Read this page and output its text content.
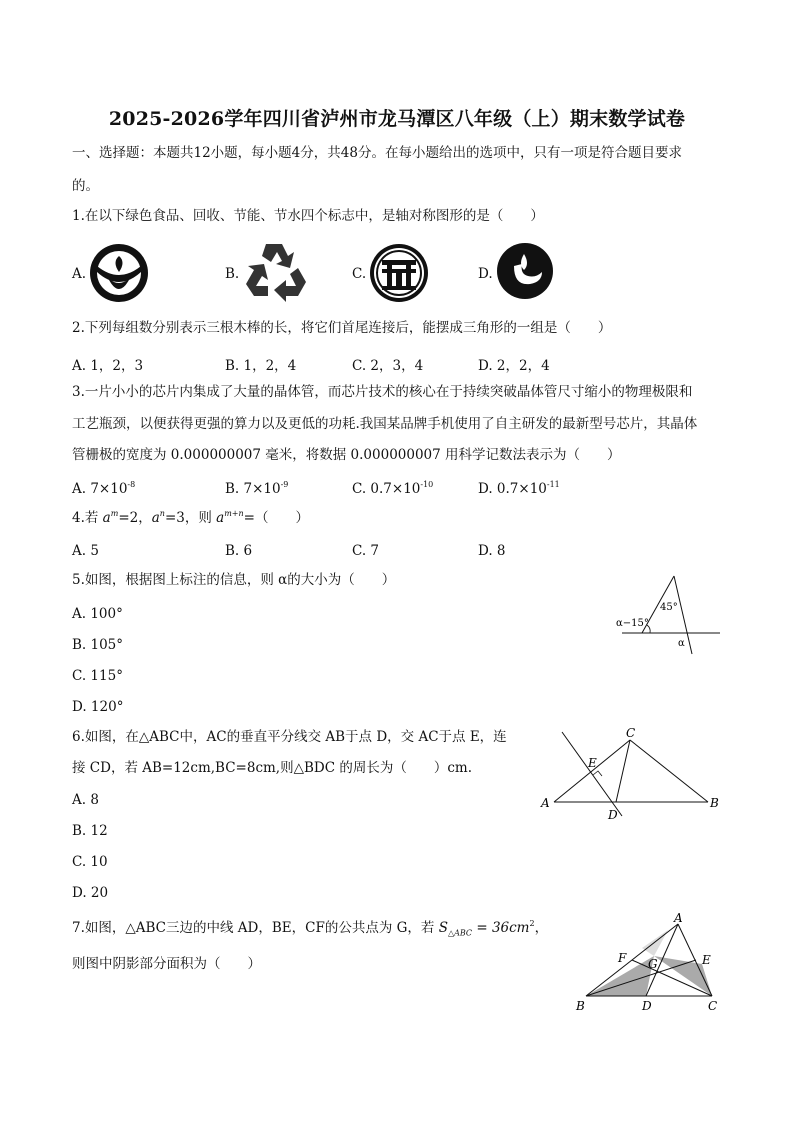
2025-2026学年四川省泸州市龙马潭区八年级（上）期末数学试卷
一、选择题：本题共12小题，每小题4分，共48分。在每小题给出的选项中，只有一项是符合题目要求
的。
1.在以下绿色食品、回收、节能、节水四个标志中，是轴对称图形的是（　　）
A.	B.	C.	D.
2.下列每组数分别表示三根木棒的长，将它们首尾连接后，能摆成三角形的一组是（　　）
A. 1，2，3	B. 1，2，4	C. 2，3，4	D. 2，2，4
3.一片小小的芯片内集成了大量的晶体管，而芯片技术的核心在于持续突破晶体管尺寸缩小的物理极限和
工艺瓶颈，以便获得更强的算力以及更低的功耗.我国某品牌手机使用了自主研发的最新型号芯片，其晶体
管栅极的宽度为 0.000000007 毫米，将数据 0.000000007 用科学记数法表示为（　　）
A. $7\times 10^{-8}$	B. $7\times 10^{-9}$	C. $0.7\times 10^{-10}$	D. $0.7\times 10^{-11}$
4.若 $a^m=2$，$a^n=3$，则 $a^{m+n}=$（　　）
A. 5	B. 6	C. 7	D. 8
5.如图，根据图上标注的信息，则 α的大小为（　　）
A. 100°
B. 105°
C. 115°
D. 120°
45°
α−15°
α
6.如图，在△ABC中，AC的垂直平分线交 AB于点 D，交 AC于点 E，连
接 CD，若 AB=12cm,BC=8cm,则△BDC 的周长为（　　）cm.
A. 8
B. 12
C. 10
D. 20
A	B
C
D
E
7.如图，△ABC三边的中线 AD，BE，CF的公共点为 G，若 $S_{\triangle ABC} = 36cm^2$，
则图中阴影部分面积为（　　）
A
B	C
D
E
F G
